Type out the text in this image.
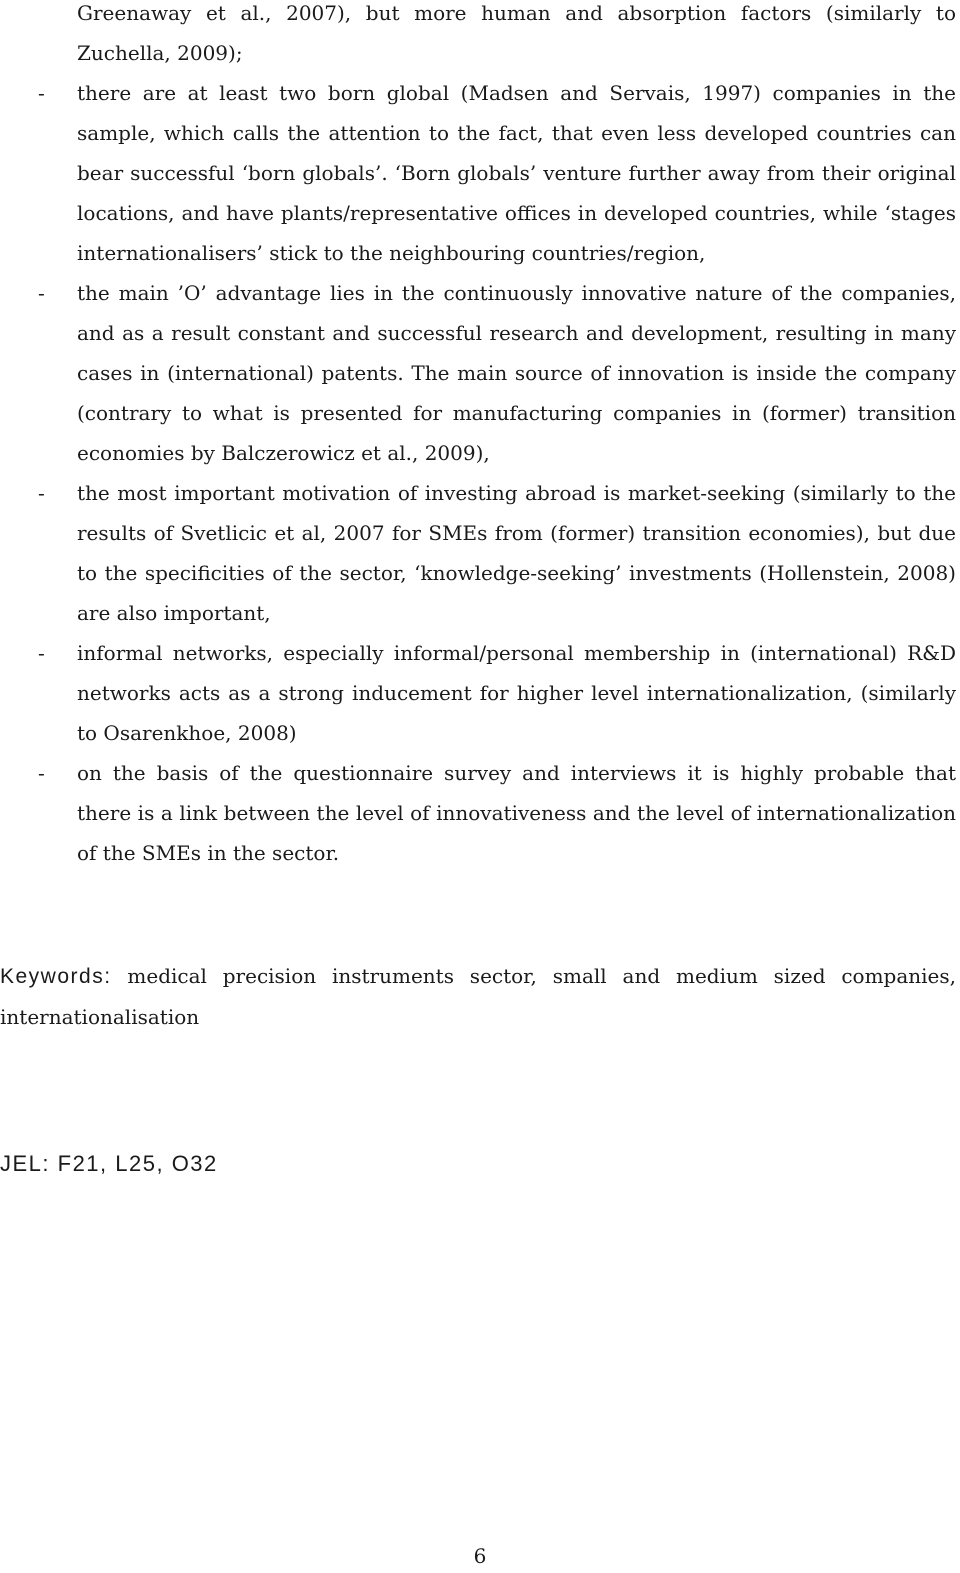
Greenaway et al., 2007), but more human and absorption factors (similarly to Zuchella, 2009);

- there are at least two born global (Madsen and Servais, 1997) companies in the sample, which calls the attention to the fact, that even less developed countries can bear successful ‘born globals’. ‘Born globals’ venture further away from their original locations, and have plants/representative offices in developed countries, while ‘stages internationalisers’ stick to the neighbouring countries/region,
- the main ’O’ advantage lies in the continuously innovative nature of the companies, and as a result constant and successful research and development, resulting in many cases in (international) patents. The main source of innovation is inside the company (contrary to what is presented for manufacturing companies in (former) transition economies by Balczerowicz et al., 2009),
- the most important motivation of investing abroad is market-seeking (similarly to the results of Svetlicic et al, 2007 for SMEs from (former) transition economies), but due to the specificities of the sector, ‘knowledge-seeking’ investments (Hollenstein, 2008) are also important,
- informal networks, especially informal/personal membership in (international) R&D networks acts as a strong inducement for higher level internationalization, (similarly to Osarenkhoe, 2008)
- on the basis of the questionnaire survey and interviews it is highly probable that there is a link between the level of innovativeness and the level of internationalization of the SMEs in the sector.

Keywords: medical precision instruments sector, small and medium sized companies, internationalisation

JEL: F21, L25, O32

6
